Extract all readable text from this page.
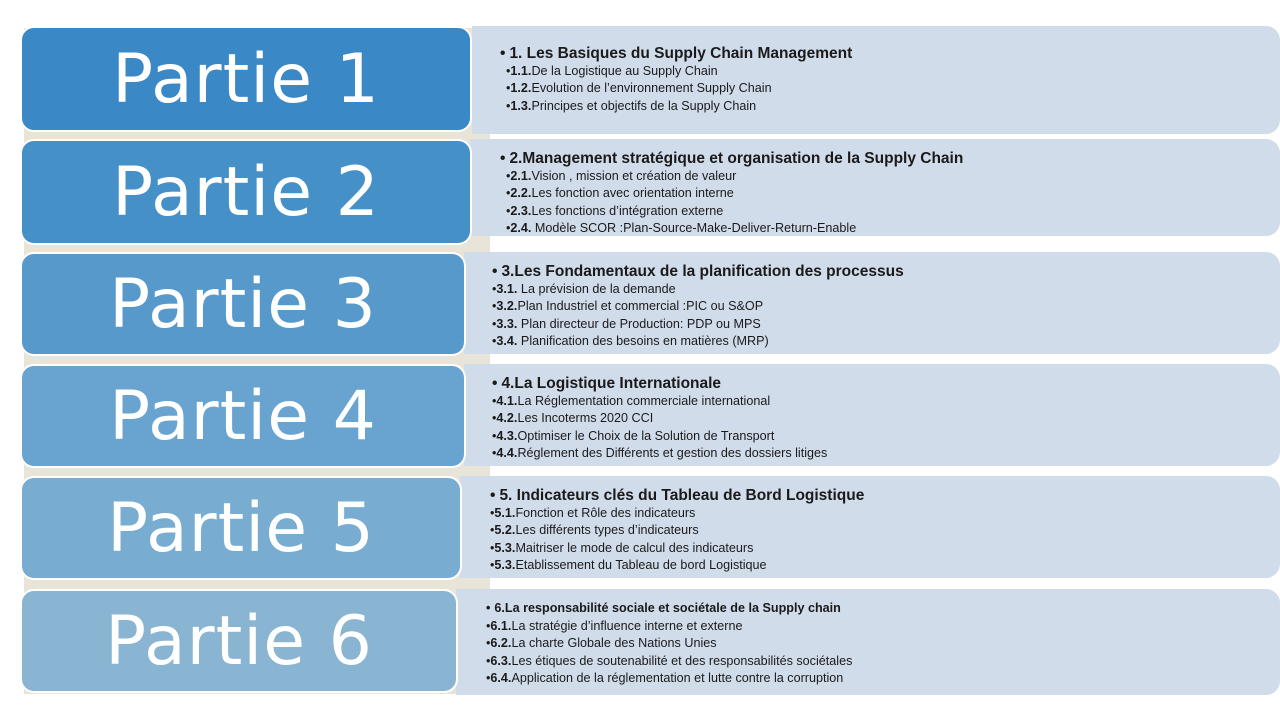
• 1. Les Basiques du Supply Chain Management
•1.1.De la Logistique au Supply Chain
•1.2.Evolution de l’environnement Supply Chain
•1.3.Principes et objectifs de la Supply Chain
Partie 1
• 2.Management stratégique et organisation de la Supply Chain
•2.1.Vision , mission et création de valeur
•2.2.Les fonction avec orientation interne
•2.3.Les fonctions d’intégration externe
•2.4. Modèle SCOR :Plan-Source-Make-Deliver-Return-Enable
Partie 2
• 3.Les Fondamentaux de la planification des processus
•3.1. La prévision de la demande
•3.2.Plan Industriel et commercial :PIC ou S&OP
•3.3. Plan directeur de Production: PDP ou MPS
•3.4. Planification des besoins en matières (MRP)
Partie 3
• 4.La Logistique Internationale
•4.1.La Réglementation commerciale international
•4.2.Les Incoterms 2020 CCI
•4.3.Optimiser le Choix de la Solution de Transport
•4.4.Réglement des Différents et gestion des dossiers litiges
Partie 4
• 5. Indicateurs clés du Tableau de Bord Logistique
•5.1.Fonction et Rôle des indicateurs
•5.2.Les différents types d’indicateurs
•5.3.Maitriser le mode de calcul des indicateurs
•5.3.Etablissement du Tableau de bord Logistique
Partie 5
• 6.La responsabilité sociale et sociétale de la Supply chain
•6.1.La stratégie d’influence interne et externe
•6.2.La charte Globale des Nations Unies
•6.3.Les étiques de soutenabilité et des responsabilités sociétales
•6.4.Application de la réglementation et lutte contre la corruption
Partie 6
